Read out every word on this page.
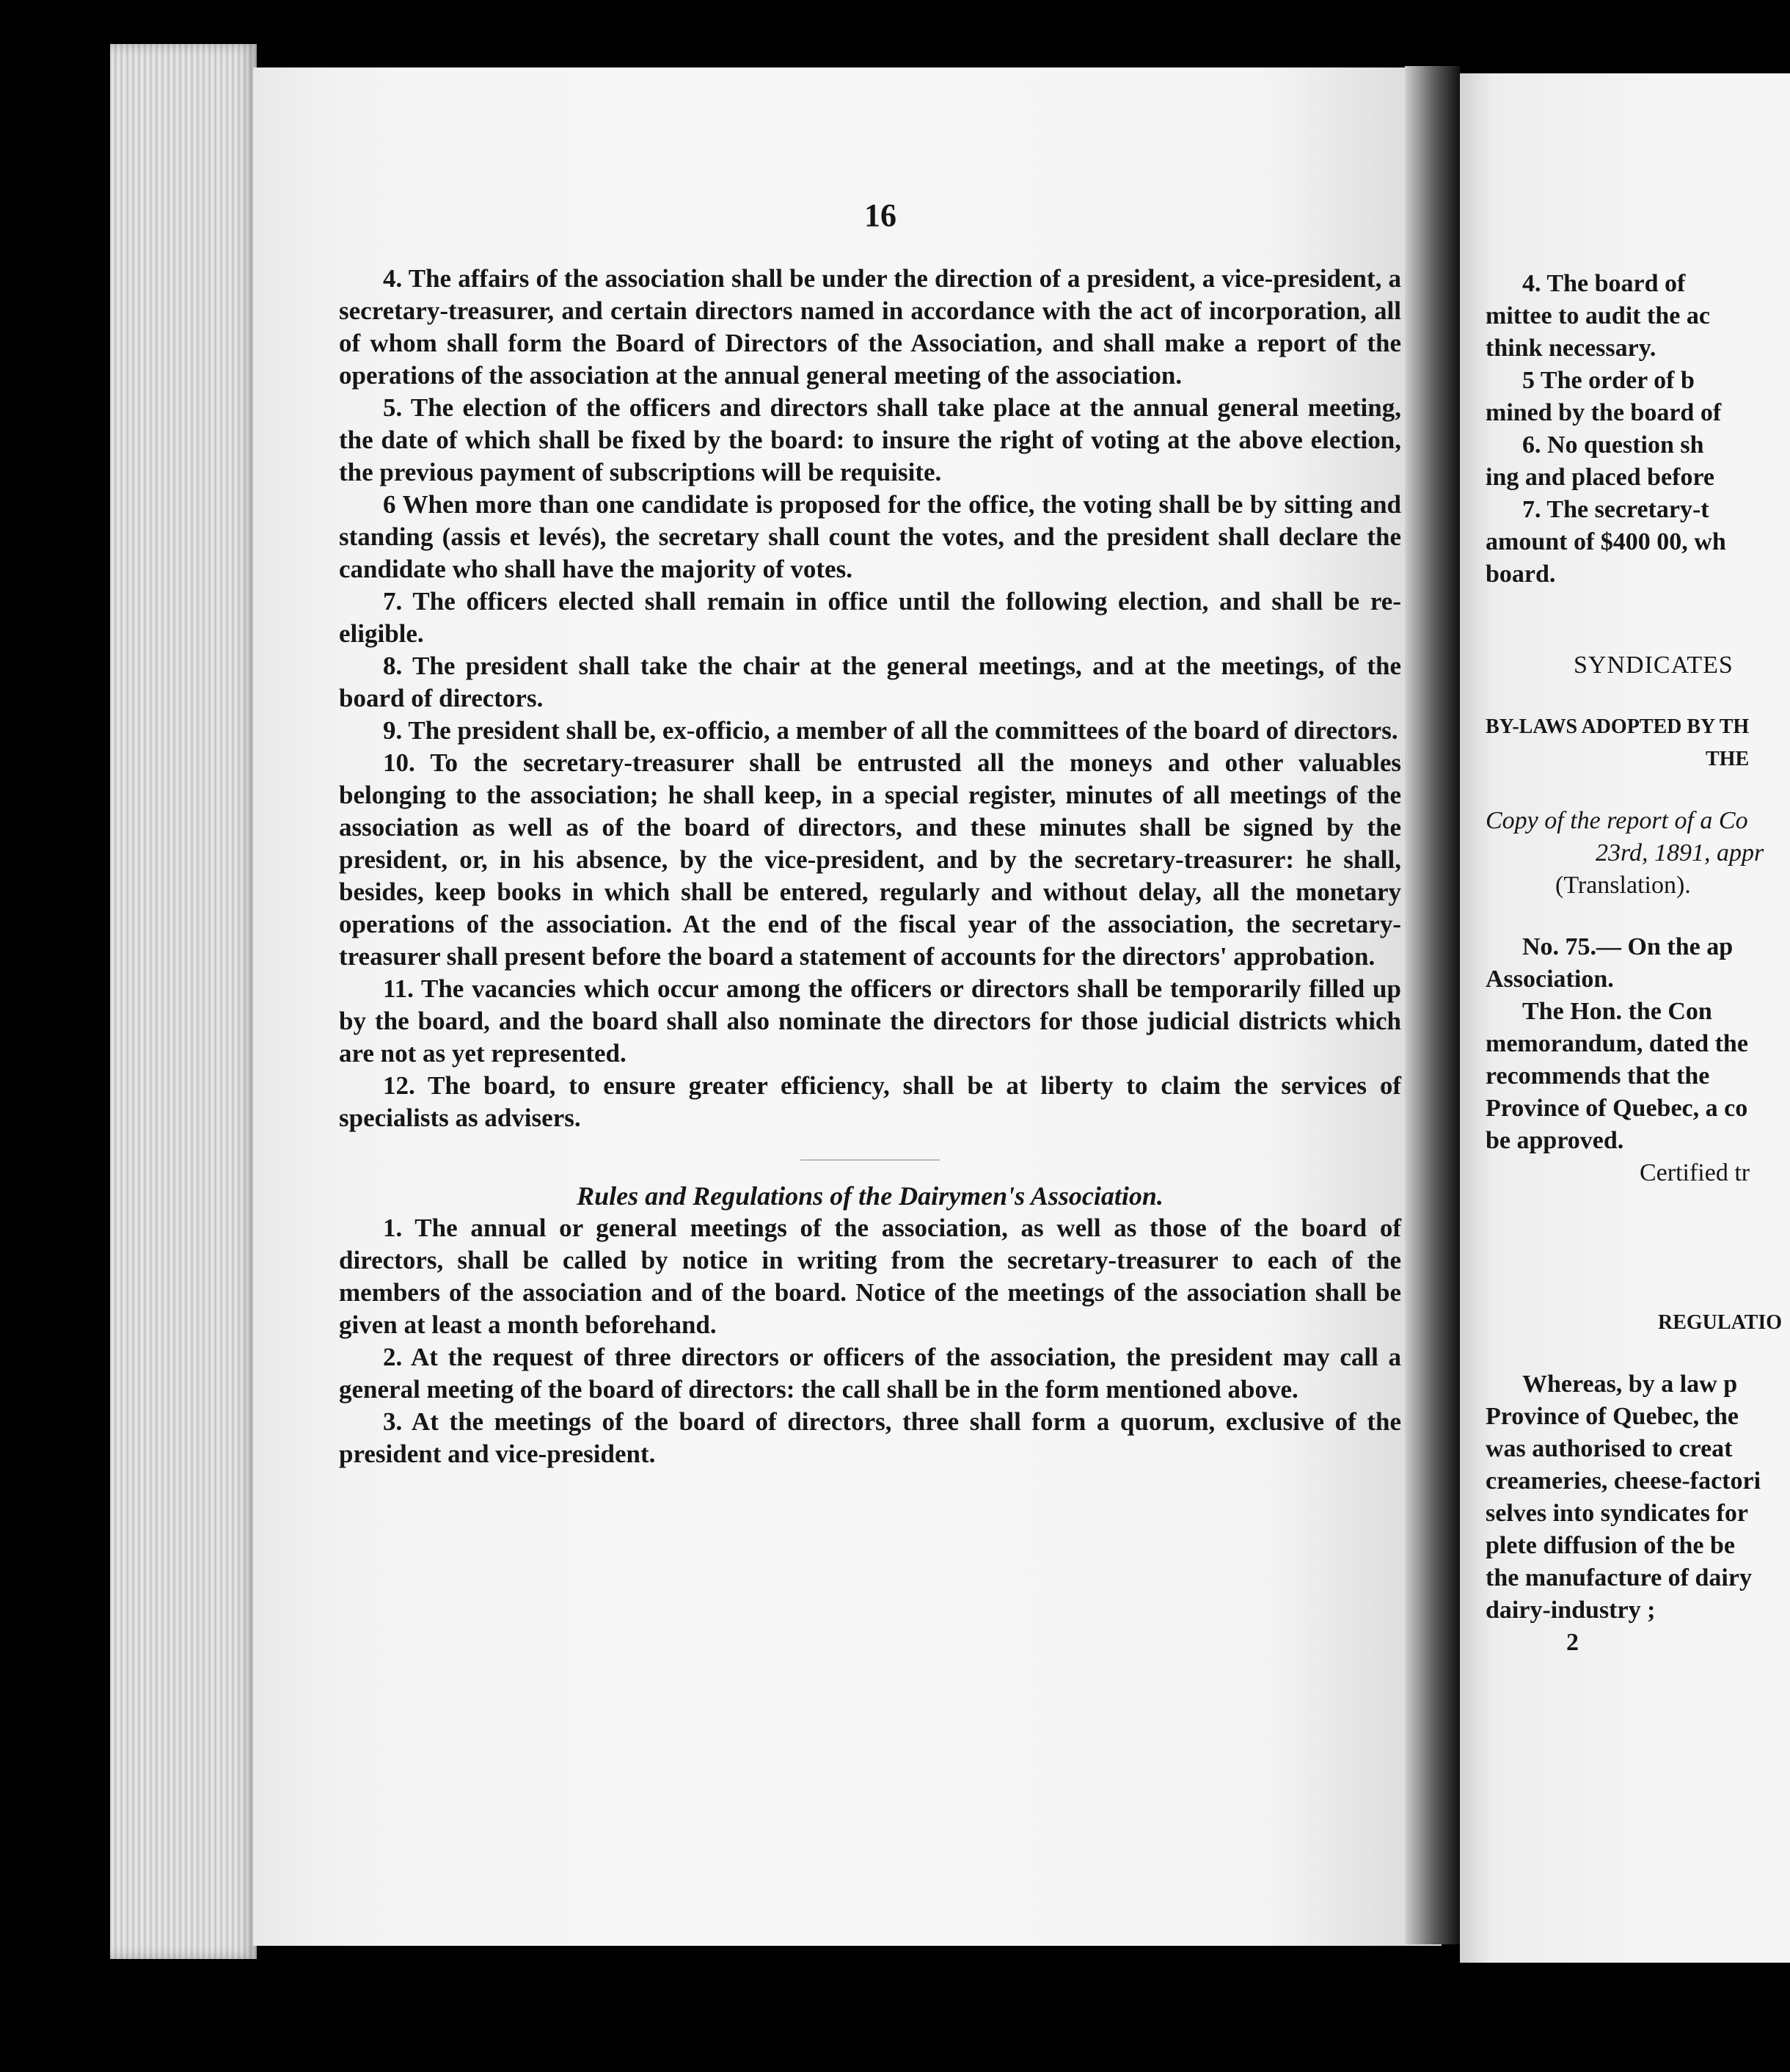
16

4. The affairs of the association shall be under the direction of a president, a vice-president, a secretary-treasurer, and certain directors named in accordance with the act of incorporation, all of whom shall form the Board of Directors of the Association, and shall make a report of the operations of the association at the annual general meeting of the association.

5. The election of the officers and directors shall take place at the annual general meeting, the date of which shall be fixed by the board: to insure the right of voting at the above election, the previous payment of subscriptions will be requisite.

6 When more than one candidate is proposed for the office, the voting shall be by sitting and standing (assis et levés), the secretary shall count the votes, and the president shall declare the candidate who shall have the majority of votes.

7. The officers elected shall remain in office until the following election, and shall be re-eligible.

8. The president shall take the chair at the general meetings, and at the meetings, of the board of directors.

9. The president shall be, ex-officio, a member of all the committees of the board of directors.

10. To the secretary-treasurer shall be entrusted all the moneys and other valuables belonging to the association; he shall keep, in a special register, minutes of all meetings of the association as well as of the board of directors, and these minutes shall be signed by the president, or, in his absence, by the vice-president, and by the secretary-treasurer: he shall, besides, keep books in which shall be entered, regularly and without delay, all the monetary operations of the association. At the end of the fiscal year of the association, the secretary-treasurer shall present before the board a statement of accounts for the directors' approbation.

11. The vacancies which occur among the officers or directors shall be temporarily filled up by the board, and the board shall also nominate the directors for those judicial districts which are not as yet represented.

12. The board, to ensure greater efficiency, shall be at liberty to claim the services of specialists as advisers.

Rules and Regulations of the Dairymen's Association.

1. The annual or general meetings of the association, as well as those of the board of directors, shall be called by notice in writing from the secretary-treasurer to each of the members of the association and of the board. Notice of the meetings of the association shall be given at least a month beforehand.

2. At the request of three directors or officers of the association, the president may call a general meeting of the board of directors: the call shall be in the form mentioned above.

3. At the meetings of the board of directors, three shall form a quorum, exclusive of the president and vice-president.

4. The board of
mittee to audit the ac
think necessary.
5 The order of b
mined by the board of
6. No question sh
ing and placed before
7. The secretary-t
amount of $400 00, wh
board.
SYNDICATES
BY-LAWS ADOPTED BY TH
THE
Copy of the report of a Co
23rd, 1891, appr
(Translation).
No. 75.— On the ap
Association.
The Hon. the Con
memorandum, dated the
recommends that the
Province of Quebec, a co
be approved.
Certified tr
REGULATIO
Whereas, by a law p
Province of Quebec, the
was authorised to creat
creameries, cheese-factori
selves into syndicates for
plete diffusion of the be
the manufacture of dairy
dairy-industry ;
2
